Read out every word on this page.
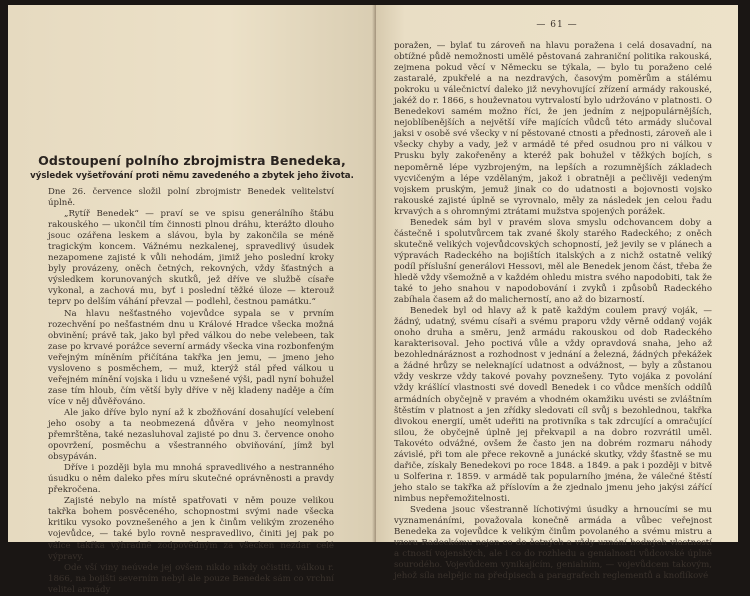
Odstoupení polního zbrojmistra Benedeka,
výsledek vyšetřování proti němu zavedeného a zbytek jeho života.

Dne 26. července složil polní zbrojmistr Benedek velitelství úplně.

„Rytíř Benedek“ — praví se ve spisu generálního štábu rakouského — ukončil tím činnosti plnou dráhu, kterážto dlouho jsouc ozářena leskem a slávou, byla by zakončila se méně tragickým koncem. Vážnému nezkalenej, spravedlivý úsudek nezapomene zajisté k vůli nehodám, jimiž jeho poslední kroky byly provázeny, oněch četných, rekovných, vždy šťastných a výsledkem korunovaných skutků, jež dříve ve službě císaře vykonal, a zachová mu, byť i poslední těžké úloze — kterouž teprv po delším váhání převzal — podlehl, čestnou památku.“

Na hlavu nešťastného vojevůdce sypala se v prvním rozechvění po nešťastném dnu u Králové Hradce všecka možná obvinění; právě tak, jako byl před válkou do nebe velebeen, tak zase po krvavé porážce severní armády všecka vina rozbonfeným veřejným míněním přičítána takřka jen jemu, — jmeno jeho vysloveno s posměchem, — muž, kterýž stál před válkou u veřejném mínění vojska i lidu u vznešené výši, padl nyní bohužel zase tím hloub, čím větší byly dříve v něj kladeny naděje a čím více v něj důvěřováno.

Ale jako dříve bylo nyní až k zbožňování dosahující velebení jeho osoby a ta neobmezená důvěra v jeho neomylnost přemrštěna, také nezasluhoval zajisté po dnu 3. července onoho opovržení, posměchu a všestranného obviňování, jímž byl obsypáván.

Dříve i později byla mu mnohá spravedlivého a nestranného úsudku o něm daleko přes míru skutečné oprávněnosti a pravdy překročena.

Zajisté nebylo na místě spatřovati v něm pouze velikou takřka bohem posvěceného, schopnostmi svými nade všecka kritiku vysoko povznešeného a jen k činům velikým zrozeného vojevůdce, — také bylo rovně nespravedlivo, činiti jej pak po válce takřka výhradně zodpovědným za všecken nezdar celé výpravy.

Ode vší viny neúvede jej ovšem nikdo nikdy očistiti, válkou r. 1866, na bojišti severním nebyl ale pouze Benedek sám co vrchní velitel armády

— 61 —

poražen, — bylať tu zároveň na hlavu poražena i celá dosavadní, na obtížné půdě nemožnosti umělé pěstovaná zahraniční politika rakouská, zejmena pokud věcí v Německu se týkala, — bylo tu poraženo celé zastaralé, zpukřelé a na nezdravých, časovým poměrům a stálému pokroku u válečnictví daleko již nevyhovující zřízení armády rakouské, jakéž do r. 1866, s houževnatou vytrvalostí bylo udržováno v platnosti. O Benedekovi samém možno říci, že jen jedním z nejpopulárnějších, nejoblíbenějších a největší víře majících vůdců této armády slučoval jaksi v osobě své všecky v ní pěstované ctnosti a přednosti, zároveň ale i všecky chyby a vady, jež v armádě té před osudnou pro ni válkou v Prusku byly zakořeněny a kteréž pak bohužel v těžkých bojích, s nepoměrně lépe vyzbrojeným, na lepších a rozumnějších základech vycvičeným a lépe vzdělaným, jakož i obratněji a pečlivěji vedeným vojskem pruským, jemuž jinak co do udatnosti a bojovnosti vojsko rakouské zajisté úplně se vyrovnalo, měly za následek jen celou řadu krvavých a s ohromnými ztrátami mužstva spojených porážek.

Benedek sám byl v pravém slova smyslu odchovancem doby a částečně i spolutvůrcem tak zvané školy starého Radeckého; z oněch skutečně velikých vojevůdcovských schopností, jež jevily se v plánech a výpravách Radeckého na bojištích italských a z nichž ostatně veliký podíl příslušní generálovi Hessovi, měl ale Benedek jenom část, třeba že hledě vždy všemožně a v každém ohledu mistra svého napodobiti, tak že také to jeho snahou v napodobování i zvyků i způsobů Radeckého zabíhala časem až do malicherností, ano až do bizarností.

Benedek byl od hlavy až k patě každým coulem pravý voják, — žádný, udatný, svému císaři a svému praporu vždy věrně oddaný voják onoho druha a směru, jenž armádu rakouskou od dob Radeckého karakterisoval. Jeho poctivá vůle a vždy opravdová snaha, jeho až bezohlednáráznost a rozhodnost v jednání a železná, žádných překážek a žádné hrůzy se neleknající udatnost a odvážnost, — byly a zůstanou vždy veskrze vždy takové povahy povznešeny. Tyto vojáka z povolání vždy krášlící vlastnosti své dovedl Benedek i co vůdce menších oddílů armádních obyčejně v pravém a vhodném okamžiku uvésti se zvláštním štěstím v platnost a jen zřídky sledovati cíl svůj s bezohlednou, takřka divokou energií, umět udeřiti na protivníka s tak zdrcující a omračující silou, že obyčejně úplně jej překvapil a na dobro rozvrátil uměl. Takovéto odvážné, ovšem že často jen na dobrém rozmaru náhody závislé, při tom ale přece rekovně a junácké skutky, vždy šťastně se mu dařiče, získaly Benedekovi po roce 1848. a 1849. a pak i později v bitvě u Solferina r. 1859. v armádě tak popularního jména, že válečné štěstí jeho stalo se takřka až příslovím a že zjednalo jmenu jeho jakýsi zářící nimbus nepřemožitelnosti.

Svedena jsouc všestranně líchotivými úsudky a hrnoucími se mu vyznamenáními, považovala konečně armáda a vůbec veřejnost Benedeka za vojevůdce k velikým činům povolaného a svému mistru a vzoru Radeckému nejen co do četných a vždy uznání hodných vlastností a ctností vojenských, ale i co do rozhledu a genialnosti vůdcovské úplně sourodého. Vojevůdcem vynikajícím, genialním, — vojevůdcem takovým, jehož síla nelpějic na předpisech a paragrafech reglementů a knoflíkové
